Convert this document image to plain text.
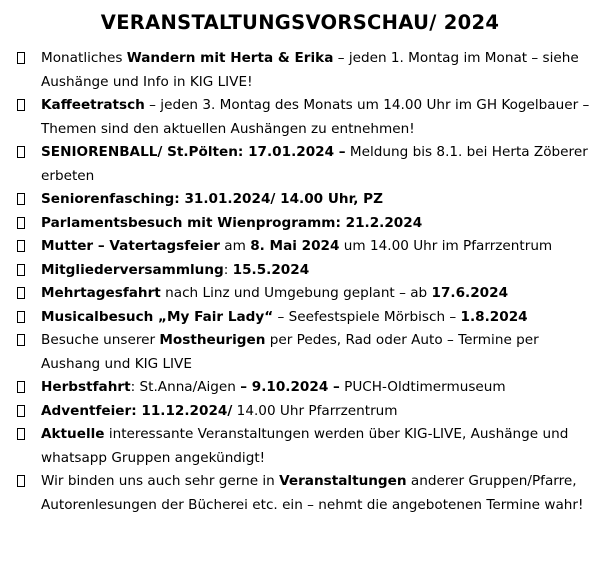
VERANSTALTUNGSVORSCHAU/ 2024
Monatliches Wandern mit Herta & Erika – jeden 1. Montag im Monat – siehe Aushänge und Info in KIG LIVE!
Kaffeetratsch – jeden 3. Montag des Monats um 14.00 Uhr im GH Kogelbauer – Themen sind den aktuellen Aushängen zu entnehmen!
SENIORENBALL/ St.Pölten: 17.01.2024 – Meldung bis 8.1. bei Herta Zöberer erbeten
Seniorenfasching: 31.01.2024/ 14.00 Uhr, PZ
Parlamentsbesuch mit Wienprogramm: 21.2.2024
Mutter – Vatertagsfeier am 8. Mai 2024 um 14.00 Uhr im Pfarrzentrum
Mitgliederversammlung: 15.5.2024
Mehrtagesfahrt nach Linz und Umgebung geplant – ab 17.6.2024
Musicalbesuch „My Fair Lady“ – Seefestspiele Mörbisch – 1.8.2024
Besuche unserer Mostheurigen per Pedes, Rad oder Auto – Termine per Aushang und KIG LIVE
Herbstfahrt: St.Anna/Aigen – 9.10.2024 – PUCH-Oldtimermuseum
Adventfeier: 11.12.2024/ 14.00 Uhr Pfarrzentrum
Aktuelle interessante Veranstaltungen werden über KIG-LIVE, Aushänge und whatsapp Gruppen angekündigt!
Wir binden uns auch sehr gerne in Veranstaltungen anderer Gruppen/Pfarre, Autorenlesungen der Bücherei etc. ein – nehmt die angebotenen Termine wahr!
